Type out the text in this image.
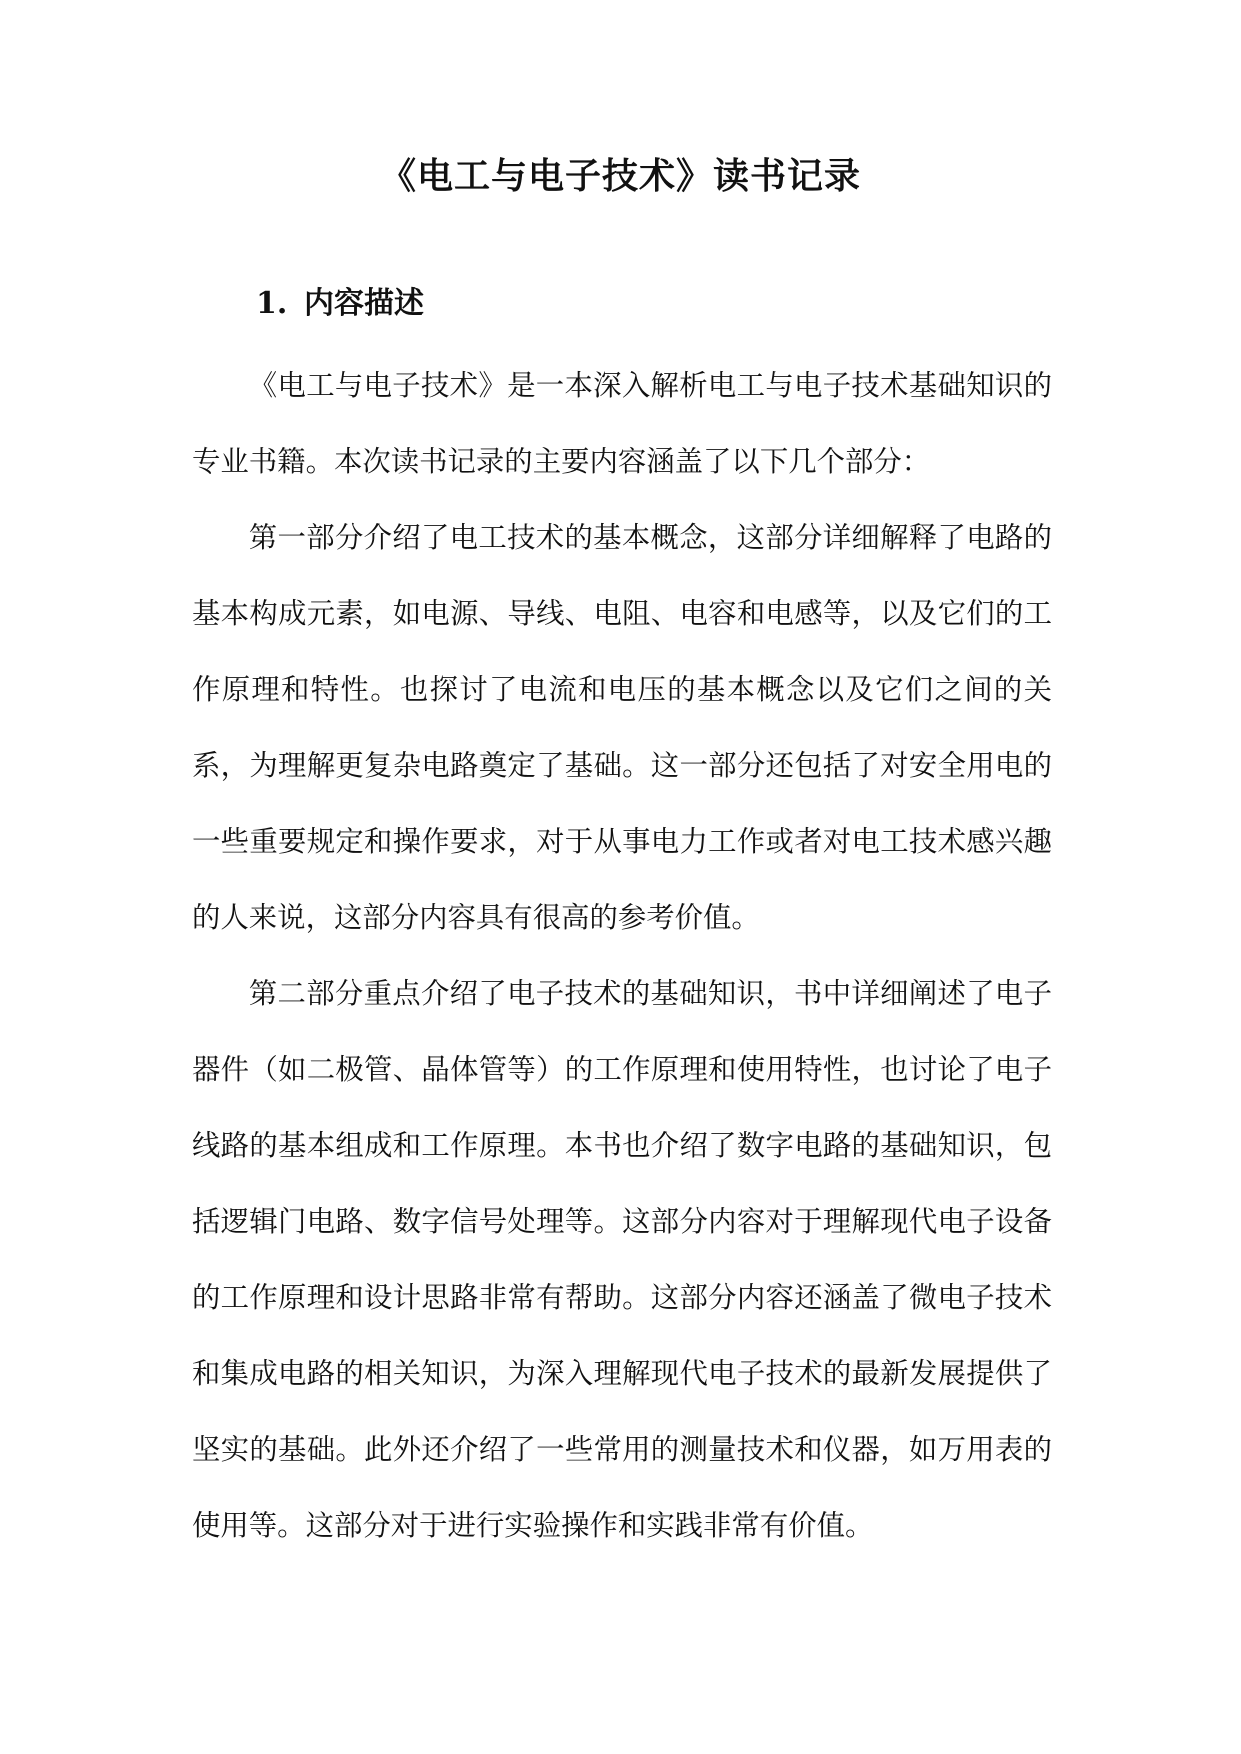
《电工与电子技术》读书记录
1. 内容描述

《电工与电子技术》是一本深入解析电工与电子技术基础知识的专业书籍。本次读书记录的主要内容涵盖了以下几个部分：

第一部分介绍了电工技术的基本概念，这部分详细解释了电路的基本构成元素，如电源、导线、电阻、电容和电感等，以及它们的工作原理和特性。也探讨了电流和电压的基本概念以及它们之间的关系，为理解更复杂电路奠定了基础。这一部分还包括了对安全用电的一些重要规定和操作要求，对于从事电力工作或者对电工技术感兴趣的人来说，这部分内容具有很高的参考价值。

第二部分重点介绍了电子技术的基础知识，书中详细阐述了电子器件（如二极管、晶体管等）的工作原理和使用特性，也讨论了电子线路的基本组成和工作原理。本书也介绍了数字电路的基础知识，包括逻辑门电路、数字信号处理等。这部分内容对于理解现代电子设备的工作原理和设计思路非常有帮助。这部分内容还涵盖了微电子技术和集成电路的相关知识，为深入理解现代电子技术的最新发展提供了坚实的基础。此外还介绍了一些常用的测量技术和仪器，如万用表的使用等。这部分对于进行实验操作和实践非常有价值。
